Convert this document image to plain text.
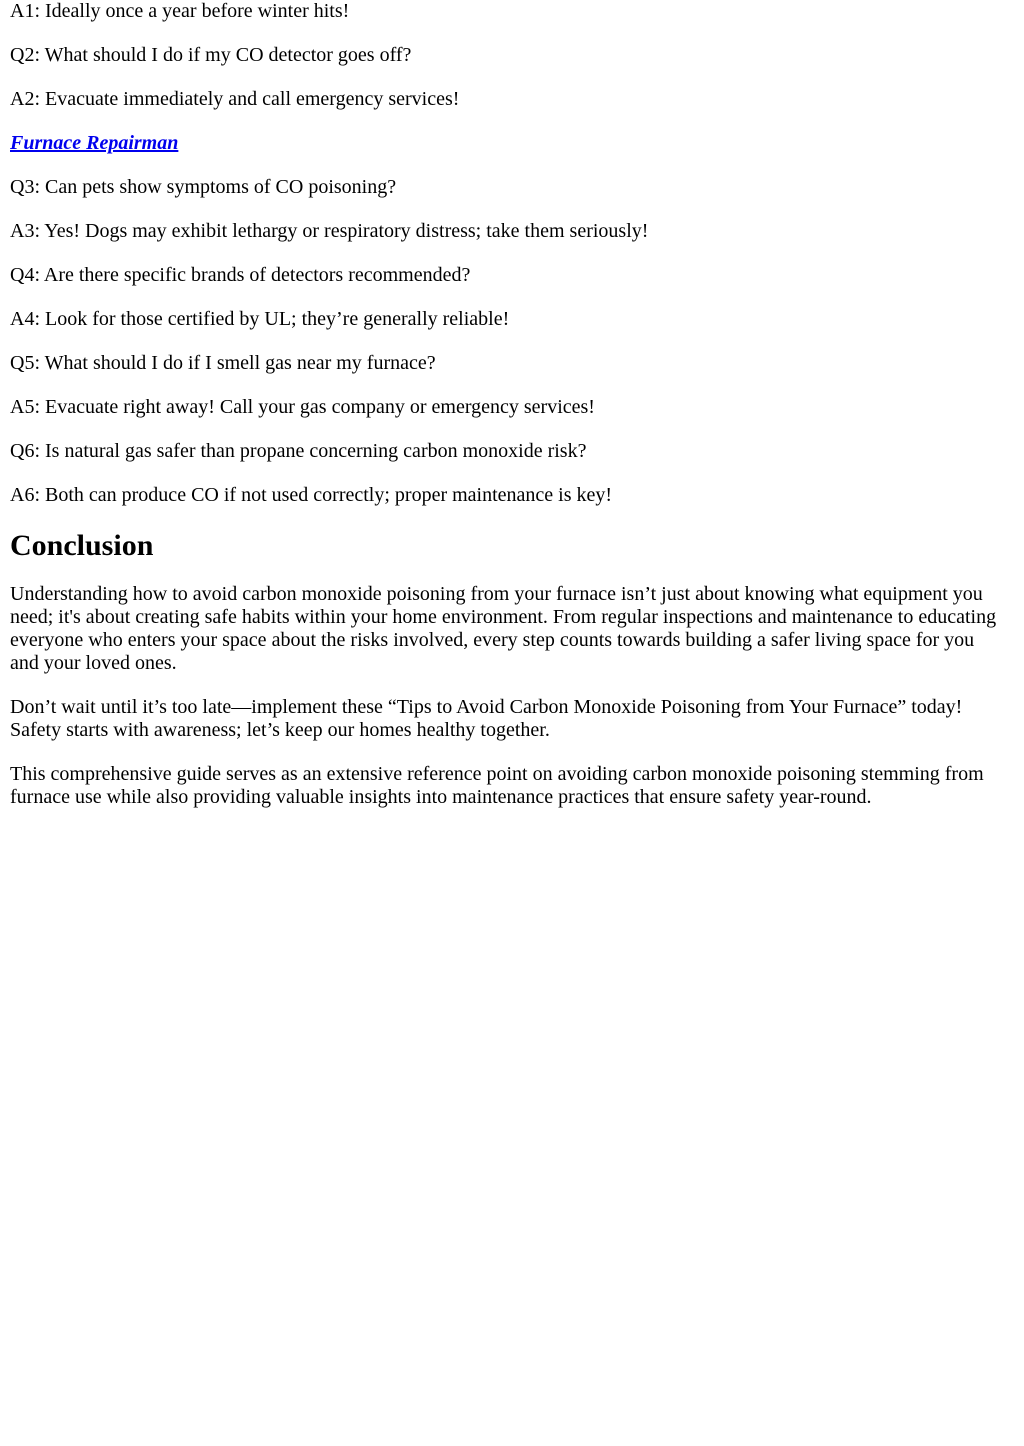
A1: Ideally once a year before winter hits!

Q2: What should I do if my CO detector goes off?

A2: Evacuate immediately and call emergency services!

Furnace Repairman

Q3: Can pets show symptoms of CO poisoning?

A3: Yes! Dogs may exhibit lethargy or respiratory distress; take them seriously!

Q4: Are there specific brands of detectors recommended?

A4: Look for those certified by UL; they’re generally reliable!

Q5: What should I do if I smell gas near my furnace?

A5: Evacuate right away! Call your gas company or emergency services!

Q6: Is natural gas safer than propane concerning carbon monoxide risk?

A6: Both can produce CO if not used correctly; proper maintenance is key!

Conclusion

Understanding how to avoid carbon monoxide poisoning from your furnace isn’t just about knowing what equipment you need; it's about creating safe habits within your home environment. From regular inspections and maintenance to educating everyone who enters your space about the risks involved, every step counts towards building a safer living space for you and your loved ones.

Don’t wait until it’s too late—implement these “Tips to Avoid Carbon Monoxide Poisoning from Your Furnace” today! Safety starts with awareness; let’s keep our homes healthy together.

This comprehensive guide serves as an extensive reference point on avoiding carbon monoxide poisoning stemming from furnace use while also providing valuable insights into maintenance practices that ensure safety year-round.
